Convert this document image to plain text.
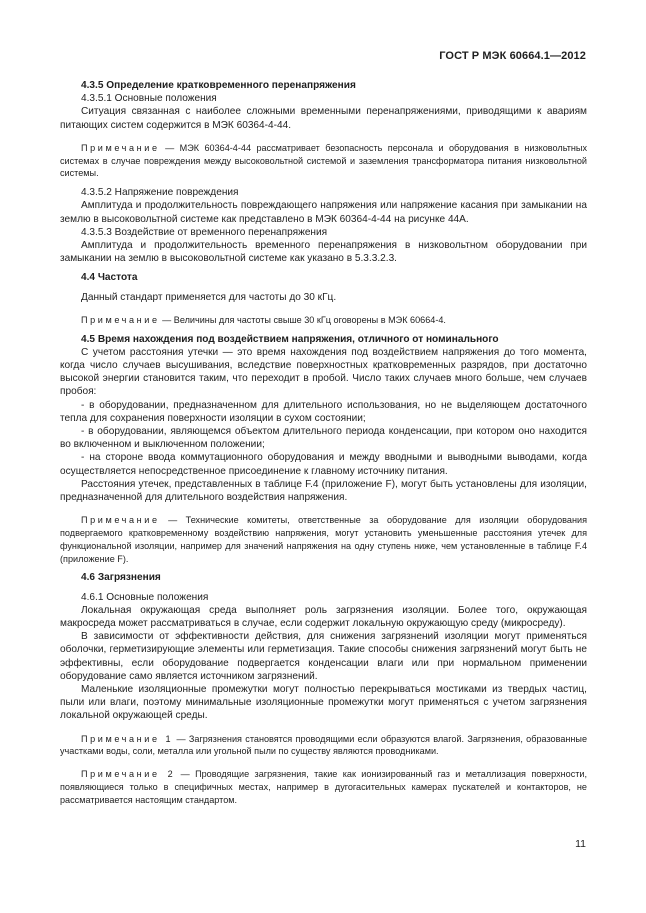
ГОСТ Р МЭК 60664.1—2012

4.3.5 Определение кратковременного перенапряжения

4.3.5.1 Основные положения

Ситуация связанная с наиболее сложными временными перенапряжениями, приводящими к авариям питающих систем содержится в МЭК 60364-4-44.

Примечание — МЭК 60364-4-44 рассматривает безопасность персонала и оборудования в низковольтных системах в случае повреждения между высоковольтной системой и заземления трансформатора питания низковольтной системы.

4.3.5.2 Напряжение повреждения

Амплитуда и продолжительность повреждающего напряжения или напряжение касания при замыкании на землю в высоковольтной системе как представлено в МЭК 60364-4-44 на рисунке 44А.

4.3.5.3 Воздействие от временного перенапряжения

Амплитуда и продолжительность временного перенапряжения в низковольтном оборудовании при замыкании на землю в высоковольтной системе как указано в 5.3.3.2.3.

4.4 Частота

Данный стандарт применяется для частоты до 30 кГц.

Примечание — Величины для частоты свыше 30 кГц оговорены в МЭК 60664-4.

4.5 Время нахождения под воздействием напряжения, отличного от номинального

С учетом расстояния утечки — это время нахождения под воздействием напряжения до того момента, когда число случаев высушивания, вследствие поверхностных кратковременных разрядов, при достаточно высокой энергии становится таким, что переходит в пробой. Число таких случаев много больше, чем случаев пробоя:

- в оборудовании, предназначенном для длительного использования, но не выделяющем достаточного тепла для сохранения поверхности изоляции в сухом состоянии;

- в оборудовании, являющемся объектом длительного периода конденсации, при котором оно находится во включенном и выключенном положении;

- на стороне ввода коммутационного оборудования и между вводными и выводными выводами, когда осуществляется непосредственное присоединение к главному источнику питания.

Расстояния утечек, представленных в таблице F.4 (приложение F), могут быть установлены для изоляции, предназначенной для длительного воздействия напряжения.

Примечание — Технические комитеты, ответственные за оборудование для изоляции оборудования подвергаемого кратковременному воздействию напряжения, могут установить уменьшенные расстояния утечек для функциональной изоляции, например для значений напряжения на одну ступень ниже, чем установленные в таблице F.4 (приложение F).

4.6 Загрязнения

4.6.1 Основные положения

Локальная окружающая среда выполняет роль загрязнения изоляции. Более того, окружающая макросреда может рассматриваться в случае, если содержит локальную окружающую среду (микросреду).

В зависимости от эффективности действия, для снижения загрязнений изоляции могут применяться оболочки, герметизирующие элементы или герметизация. Такие способы снижения загрязнений могут быть не эффективны, если оборудование подвергается конденсации влаги или при нормальном применении оборудование само является источником загрязнений.

Маленькие изоляционные промежутки могут полностью перекрываться мостиками из твердых частиц, пыли или влаги, поэтому минимальные изоляционные промежутки могут применяться с учетом загрязнения локальной окружающей среды.

Примечание 1 — Загрязнения становятся проводящими если образуются влагой. Загрязнения, образованные участками воды, соли, металла или угольной пыли по существу являются проводниками.

Примечание 2 — Проводящие загрязнения, такие как ионизированный газ и металлизация поверхности, появляющиеся только в специфичных местах, например в дугогасительных камерах пускателей и контакторов, не рассматривается настоящим стандартом.

11
